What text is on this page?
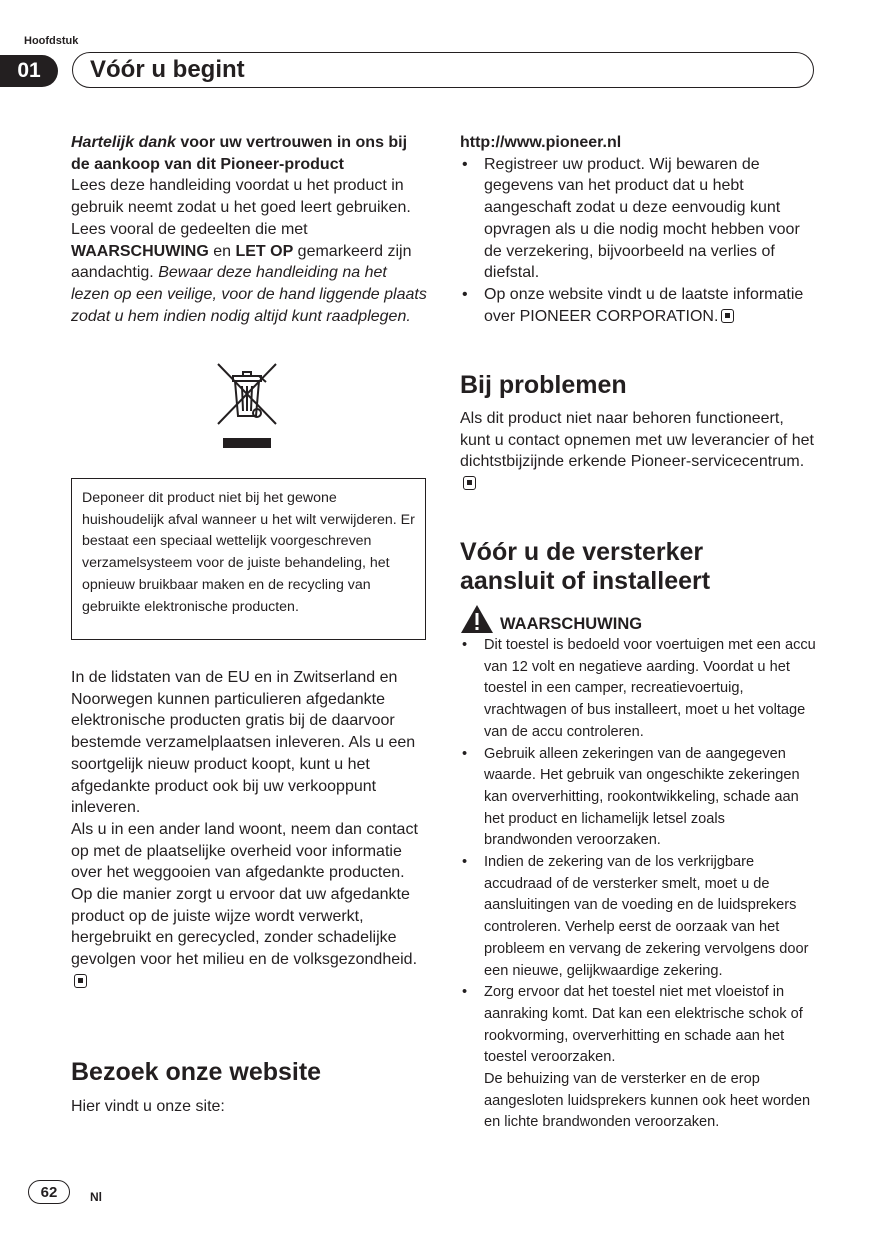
Hoofdstuk
01	Vóór u begint

Hartelijk dank voor uw vertrouwen in ons bij de aankoop van dit Pioneer-product

Lees deze handleiding voordat u het product in gebruik neemt zodat u het goed leert gebruiken. Lees vooral de gedeelten die met WAARSCHUWING en LET OP gemarkeerd zijn aandachtig. Bewaar deze handleiding na het lezen op een veilige, voor de hand liggende plaats zodat u hem indien nodig altijd kunt raadplegen.

Deponeer dit product niet bij het gewone huishoudelijk afval wanneer u het wilt verwijderen. Er bestaat een speciaal wettelijk voorgeschreven verzamelsysteem voor de juiste behandeling, het opnieuw bruikbaar maken en de recycling van gebruikte elektronische producten.

In de lidstaten van de EU en in Zwitserland en Noorwegen kunnen particulieren afgedankte elektronische producten gratis bij de daarvoor bestemde verzamelplaatsen inleveren. Als u een soortgelijk nieuw product koopt, kunt u het afgedankte product ook bij uw verkooppunt inleveren.

Als u in een ander land woont, neem dan contact op met de plaatselijke overheid voor informatie over het weggooien van afgedankte producten.

Op die manier zorgt u ervoor dat uw afgedankte product op de juiste wijze wordt verwerkt, hergebruikt en gerecycled, zonder schadelijke gevolgen voor het milieu en de volksgezondheid.

Bezoek onze website
Hier vindt u onze site:

http://www.pioneer.nl

• Registreer uw product. Wij bewaren de gegevens van het product dat u hebt aangeschaft zodat u deze eenvoudig kunt opvragen als u die nodig mocht hebben voor de verzekering, bijvoorbeeld na verlies of diefstal.
• Op onze website vindt u de laatste informatie over PIONEER CORPORATION.
Bij problemen
Als dit product niet naar behoren functioneert, kunt u contact opnemen met uw leverancier of het dichtstbijzijnde erkende Pioneer-servicecentrum.
Vóór u de versterker
aansluit of installeert
WAARSCHUWING
• Dit toestel is bedoeld voor voertuigen met een accu van 12 volt en negatieve aarding. Voordat u het toestel in een camper, recreatievoertuig, vrachtwagen of bus installeert, moet u het voltage van de accu controleren.
• Gebruik alleen zekeringen van de aangegeven waarde. Het gebruik van ongeschikte zekeringen kan oververhitting, rookontwikkeling, schade aan het product en lichamelijk letsel zoals brandwonden veroorzaken.
• Indien de zekering van de los verkrijgbare accudraad of de versterker smelt, moet u de aansluitingen van de voeding en de luidsprekers controleren. Verhelp eerst de oorzaak van het probleem en vervang de zekering vervolgens door een nieuwe, gelijkwaardige zekering.
• Zorg ervoor dat het toestel niet met vloeistof in aanraking komt. Dat kan een elektrische schok of rookvorming, oververhitting en schade aan het toestel veroorzaken.

De behuizing van de versterker en de erop aangesloten luidsprekers kunnen ook heet worden en lichte brandwonden veroorzaken.

62	Nl
